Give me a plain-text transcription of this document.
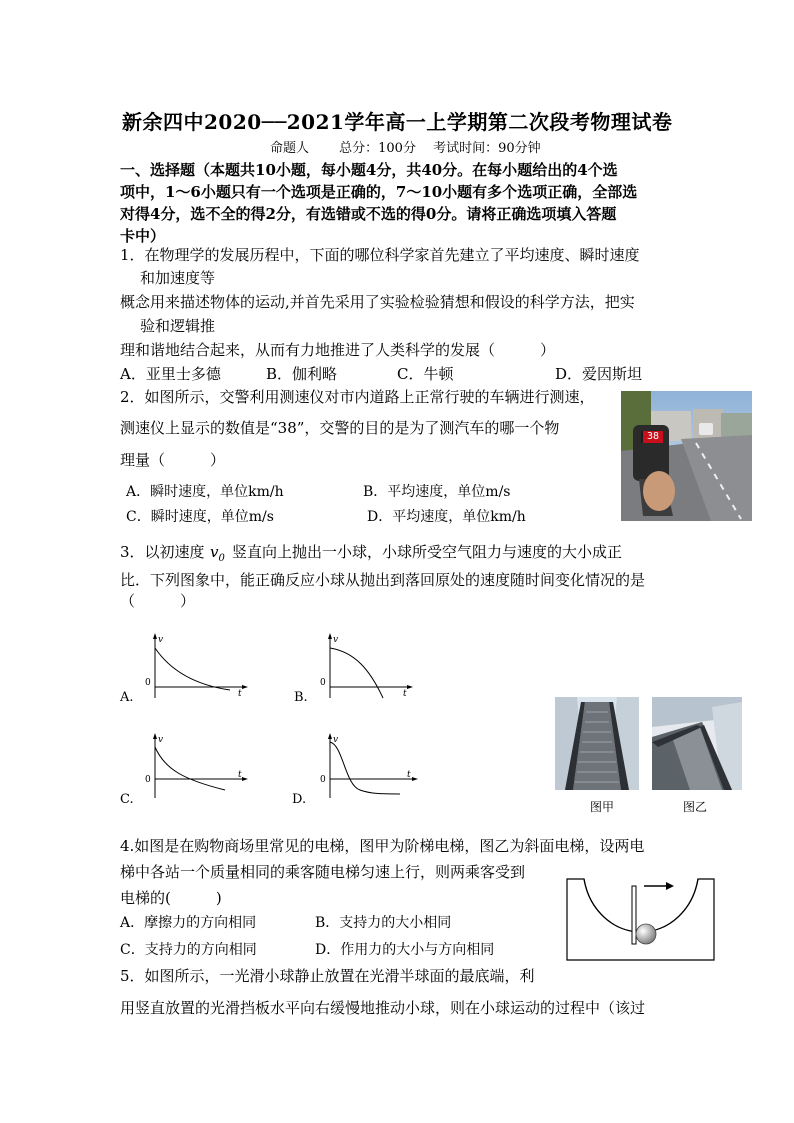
新余四中2020──2021学年高一上学期第二次段考物理试卷
命题人 　　总分：100分 　考试时间：90分钟
一、选择题（本题共10小题，每小题4分，共40分。在每小题给出的4个选
项中，1～6小题只有一个选项是正确的，7～10小题有多个选项正确，全部选
对得4分，选不全的得2分，有选错或不选的得0分。请将正确选项填入答题
卡中）
1．在物理学的发展历程中，下面的哪位科学家首先建立了平均速度、瞬时速度
和加速度等
概念用来描述物体的运动,并首先采用了实验检验猜想和假设的科学方法，把实
验和逻辑推
理和谐地结合起来，从而有力地推进了人类科学的发展（　　　）
A．亚里士多德	B．伽利略	C．牛顿	D．爱因斯坦
2．如图所示，交警利用测速仪对市内道路上正常行驶的车辆进行测速，
测速仪上显示的数值是“38”，交警的目的是为了测汽车的哪一个物
理量（　　　）
A．瞬时速度，单位km/h	B．平均速度，单位m/s
C．瞬时速度，单位m/s	D．平均速度，单位km/h
38
3．以初速度 $v_0$ 竖直向上抛出一小球，小球所受空气阻力与速度的大小成正
比．下列图象中，能正确反应小球从抛出到落回原处的速度随时间变化情况的是
（　　　）
A.
v
0
t	B.
v
0
t
C.
v
0	t
D.
v
0	t
图甲	图乙
4.如图是在购物商场里常见的电梯，图甲为阶梯电梯，图乙为斜面电梯，设两电
梯中各站一个质量相同的乘客随电梯匀速上行，则两乘客受到
电梯的(　　　)
A．摩擦力的方向相同	B．支持力的大小相同
C．支持力的方向相同	D．作用力的大小与方向相同
5．如图所示，一光滑小球静止放置在光滑半球面的最底端，利
用竖直放置的光滑挡板水平向右缓慢地推动小球，则在小球运动的过程中（该过
